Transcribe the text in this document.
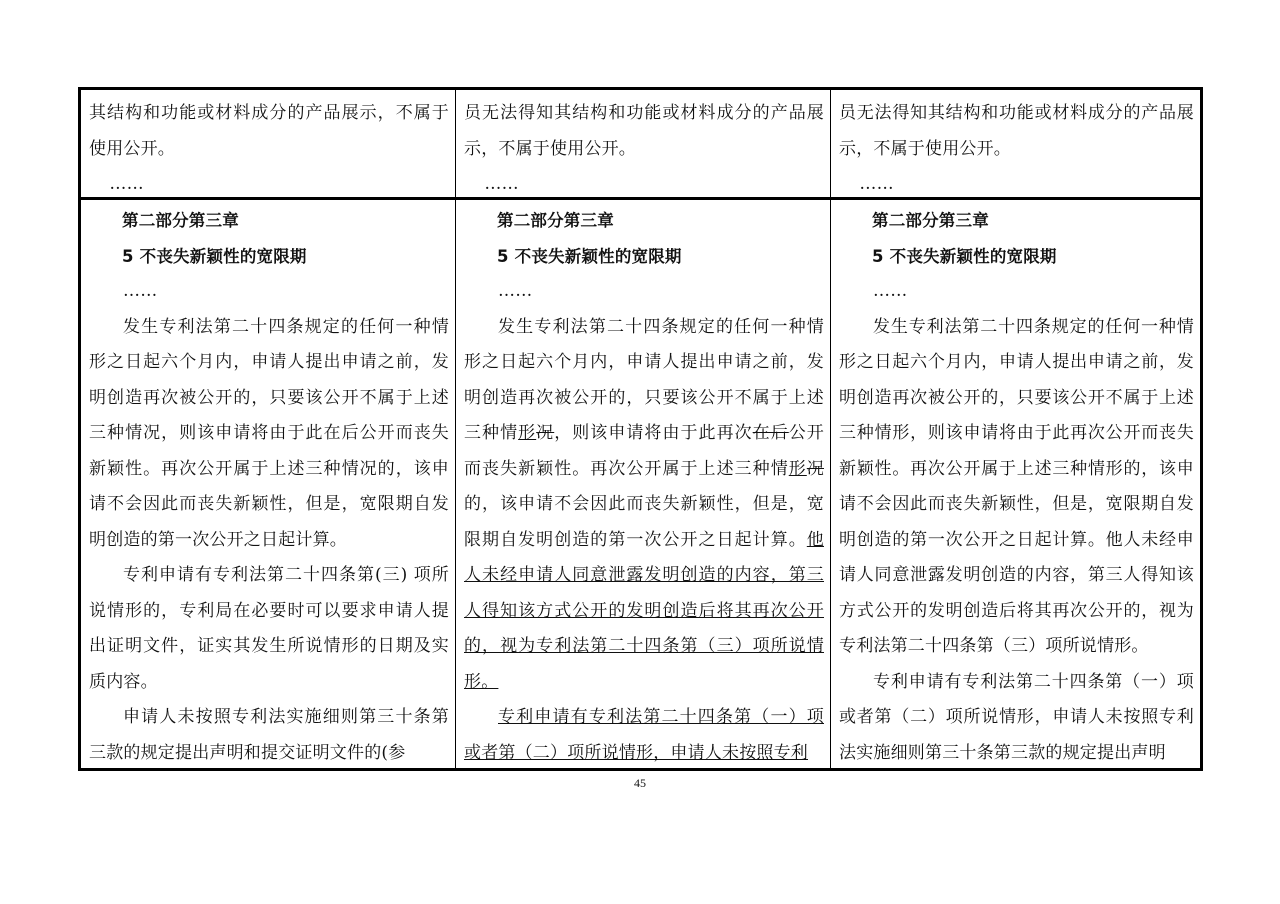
其结构和功能或材料成分的产品展示，不属于使用公开。

……

员无法得知其结构和功能或材料成分的产品展示，不属于使用公开。

……

员无法得知其结构和功能或材料成分的产品展示，不属于使用公开。

……

第二部分第三章

5 不丧失新颖性的宽限期

……

发生专利法第二十四条规定的任何一种情形之日起六个月内，申请人提出申请之前，发明创造再次被公开的，只要该公开不属于上述三种情况，则该申请将由于此在后公开而丧失新颖性。再次公开属于上述三种情况的，该申请不会因此而丧失新颖性，但是，宽限期自发明创造的第一次公开之日起计算。

专利申请有专利法第二十四条第(三) 项所说情形的，专利局在必要时可以要求申请人提出证明文件，证实其发生所说情形的日期及实质内容。

申请人未按照专利法实施细则第三十条第三款的规定提出声明和提交证明文件的(参

第二部分第三章

5 不丧失新颖性的宽限期

……

发生专利法第二十四条规定的任何一种情形之日起六个月内，申请人提出申请之前，发明创造再次被公开的，只要该公开不属于上述三种情形况，则该申请将由于此再次在后公开而丧失新颖性。再次公开属于上述三种情形况的，该申请不会因此而丧失新颖性，但是，宽限期自发明创造的第一次公开之日起计算。他人未经申请人同意泄露发明创造的内容，第三人得知该方式公开的发明创造后将其再次公开的，视为专利法第二十四条第（三）项所说情形。

专利申请有专利法第二十四条第（一）项或者第（二）项所说情形，申请人未按照专利

第二部分第三章

5 不丧失新颖性的宽限期

……

发生专利法第二十四条规定的任何一种情形之日起六个月内，申请人提出申请之前，发明创造再次被公开的，只要该公开不属于上述三种情形，则该申请将由于此再次公开而丧失新颖性。再次公开属于上述三种情形的，该申请不会因此而丧失新颖性，但是，宽限期自发明创造的第一次公开之日起计算。他人未经申请人同意泄露发明创造的内容，第三人得知该方式公开的发明创造后将其再次公开的，视为专利法第二十四条第（三）项所说情形。

专利申请有专利法第二十四条第（一）项或者第（二）项所说情形，申请人未按照专利法实施细则第三十条第三款的规定提出声明

45
